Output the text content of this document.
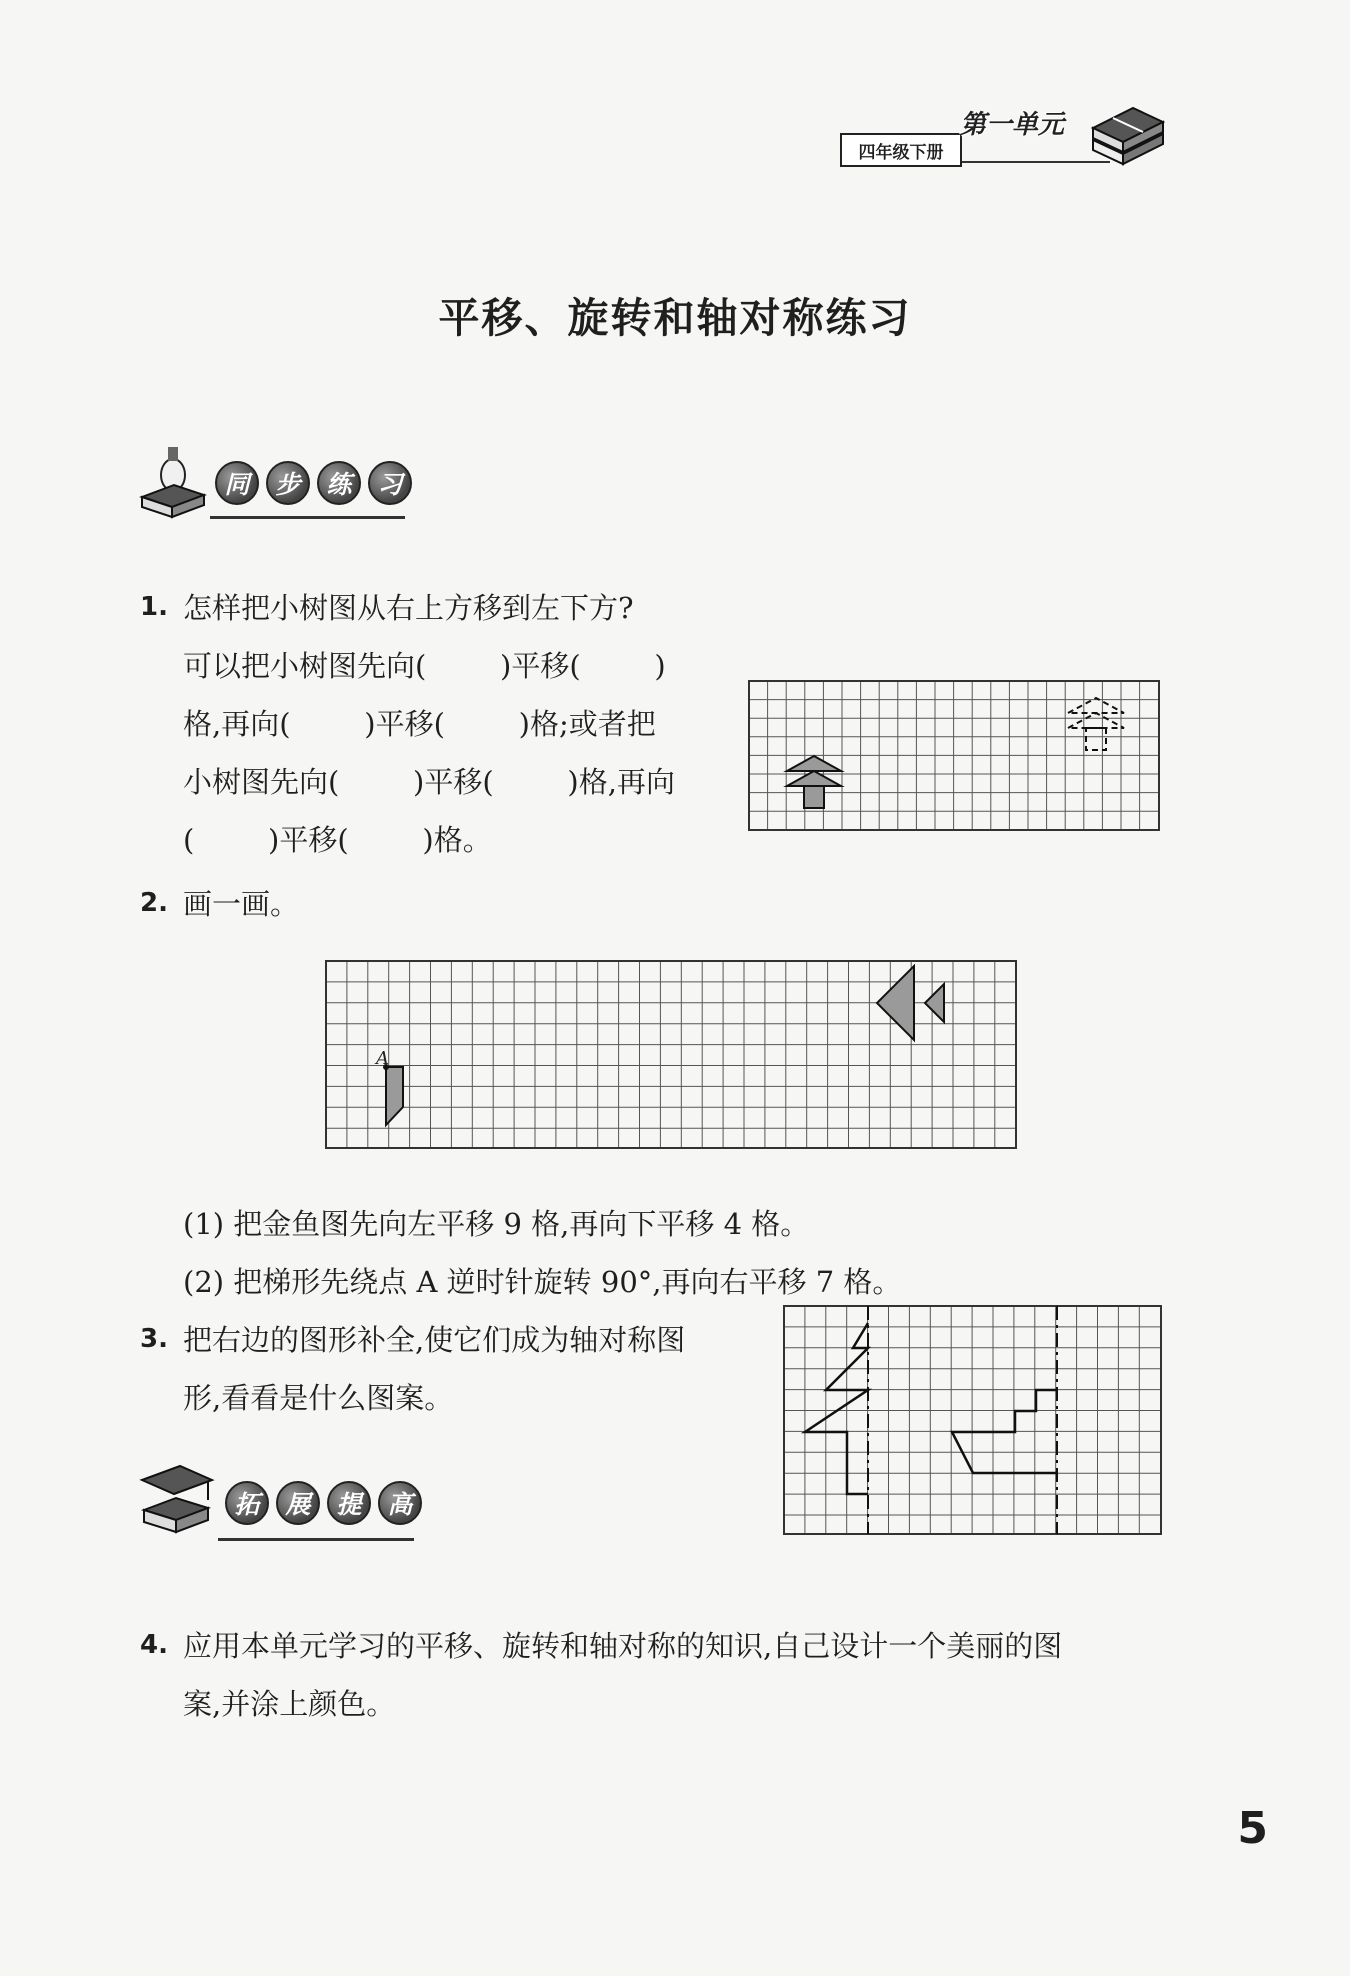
四年级下册
第一单元
平移、旋转和轴对称练习
同	步	练	习
1. 怎样把小树图从右上方移到左下方?
可以把小树图先向(        )平移(        )
格,再向(        )平移(        )格;或者把
小树图先向(        )平移(        )格,再向
(        )平移(        )格。
2. 画一画。
A
(1) 把金鱼图先向左平移 9 格,再向下平移 4 格。
(2) 把梯形先绕点 A 逆时针旋转 90°,再向右平移 7 格。
3. 把右边的图形补全,使它们成为轴对称图
形,看看是什么图案。
拓	展	提	高
4. 应用本单元学习的平移、旋转和轴对称的知识,自己设计一个美丽的图
案,并涂上颜色。
5
